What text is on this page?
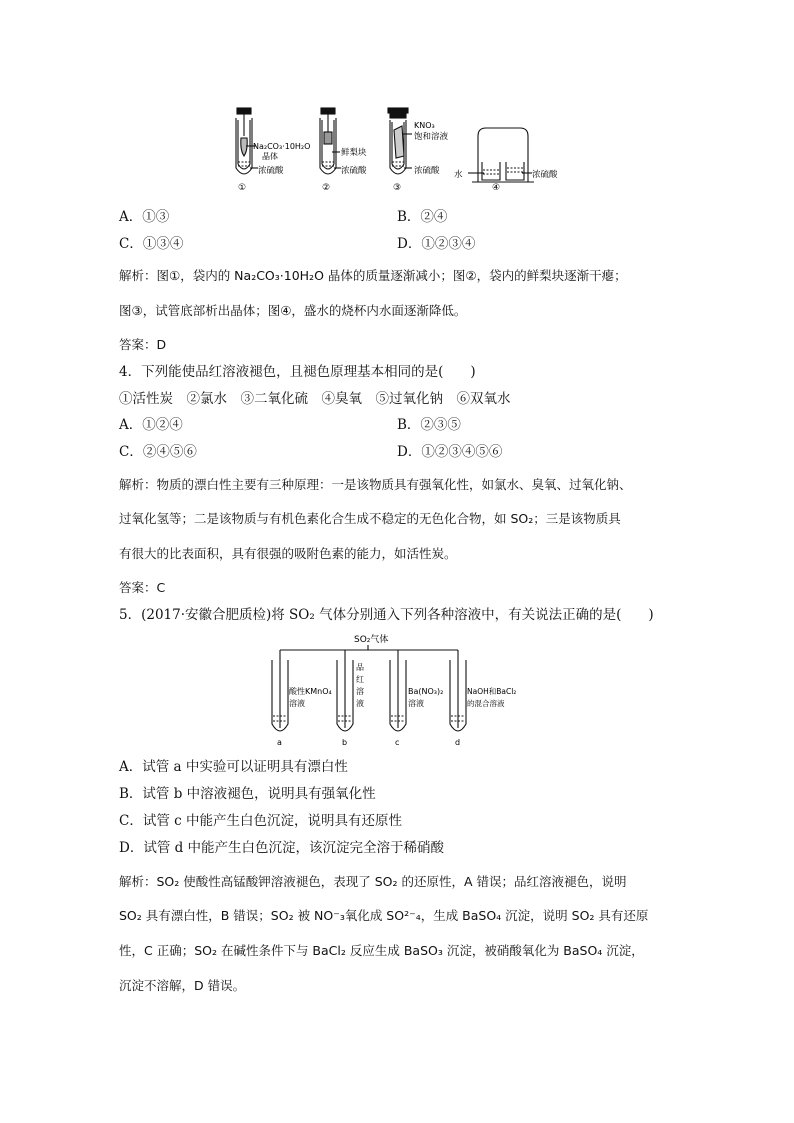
Na₂CO₃·10H₂O
晶体
浓硫酸
①
鲜梨块
浓硫酸
②
KNO₃
饱和溶液
浓硫酸
③
水	浓硫酸
④
A．①③	B．②④
C．①③④	D．①②③④
解析：图①，袋内的 Na₂CO₃·10H₂O 晶体的质量逐渐减小；图②，袋内的鲜梨块逐渐干瘪；
图③，试管底部析出晶体；图④，盛水的烧杯内水面逐渐降低。
答案：D
4．下列能使品红溶液褪色，且褪色原理基本相同的是(　　)
①活性炭　②氯水　③二氧化硫　④臭氧　⑤过氧化钠　⑥双氧水
A．①②④	B．②③⑤
C．②④⑤⑥	D．①②③④⑤⑥
解析：物质的漂白性主要有三种原理：一是该物质具有强氧化性，如氯水、臭氧、过氧化钠、
过氧化氢等；二是该物质与有机色素化合生成不稳定的无色化合物，如 SO₂；三是该物质具
有很大的比表面积，具有很强的吸附色素的能力，如活性炭。
答案：C
5．(2017·安徽合肥质检)将 SO₂ 气体分别通入下列各种溶液中，有关说法正确的是(　　)
SO₂气体
酸性KMnO₄
溶液
品
红
溶
液
Ba(NO₃)₂
溶液
NaOH和BaCl₂
的混合溶液
a	b	c	d
A．试管 a 中实验可以证明具有漂白性
B．试管 b 中溶液褪色，说明具有强氧化性
C．试管 c 中能产生白色沉淀，说明具有还原性
D．试管 d 中能产生白色沉淀，该沉淀完全溶于稀硝酸
解析：SO₂ 使酸性高锰酸钾溶液褪色，表现了 SO₂ 的还原性，A 错误；品红溶液褪色，说明
SO₂ 具有漂白性，B 错误；SO₂ 被 NO⁻₃氧化成 SO²⁻₄，生成 BaSO₄ 沉淀，说明 SO₂ 具有还原
性，C 正确；SO₂ 在碱性条件下与 BaCl₂ 反应生成 BaSO₃ 沉淀，被硝酸氧化为 BaSO₄ 沉淀，
沉淀不溶解，D 错误。
